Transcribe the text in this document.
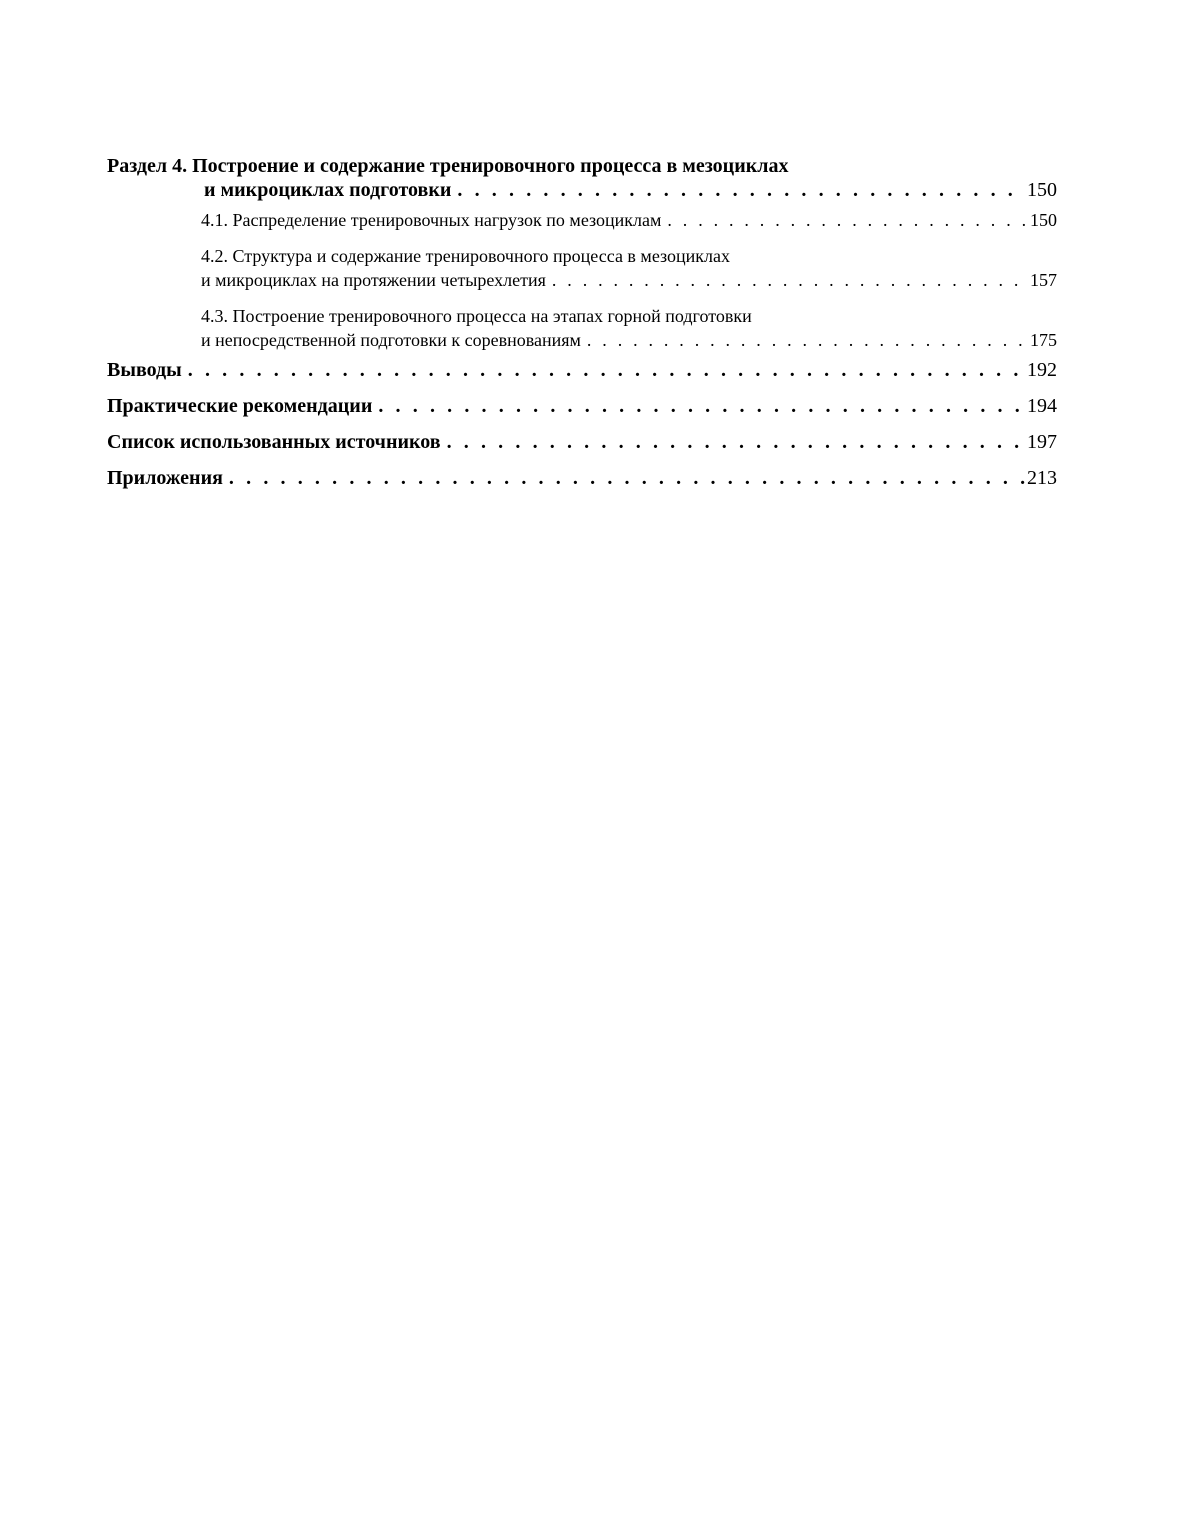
Раздел 4. Построение и содержание тренировочного процесса в мезоциклах
и микроциклах подготовки . . .	150
4.1. Распределение тренировочных нагрузок по мезоциклам . . .	150
4.2. Структура и содержание тренировочного процесса в мезоциклах
и микроциклах на протяжении четырехлетия . . .	157
4.3. Построение тренировочного процесса на этапах горной подготовки
и непосредственной подготовки к соревнованиям . . .	175
Выводы . . .	192
Практические рекомендации . . .	194
Список использованных источников . . .	197
Приложения . . .	213
